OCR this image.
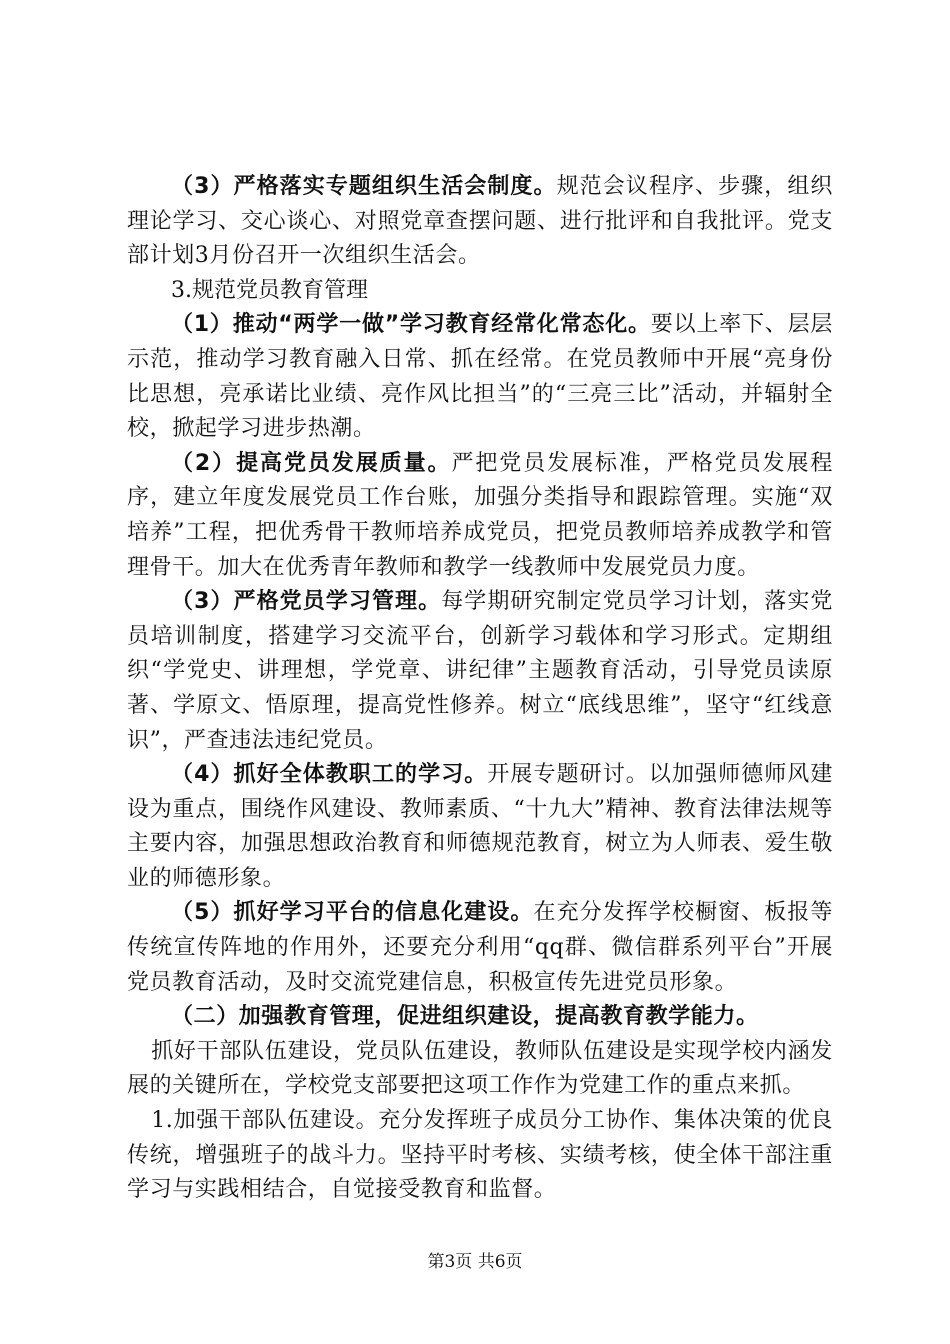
（3）严格落实专题组织生活会制度。规范会议程序、步骤，组织理论学习、交心谈心、对照党章查摆问题、进行批评和自我批评。党支部计划3月份召开一次组织生活会。

3.规范党员教育管理

（1）推动“两学一做”学习教育经常化常态化。要以上率下、层层示范，推动学习教育融入日常、抓在经常。在党员教师中开展“亮身份比思想，亮承诺比业绩、亮作风比担当”的“三亮三比”活动，并辐射全校，掀起学习进步热潮。

（2）提高党员发展质量。严把党员发展标准，严格党员发展程序，建立年度发展党员工作台账，加强分类指导和跟踪管理。实施“双培养”工程，把优秀骨干教师培养成党员，把党员教师培养成教学和管理骨干。加大在优秀青年教师和教学一线教师中发展党员力度。

（3）严格党员学习管理。每学期研究制定党员学习计划，落实党员培训制度，搭建学习交流平台，创新学习载体和学习形式。定期组织“学党史、讲理想，学党章、讲纪律”主题教育活动，引导党员读原著、学原文、悟原理，提高党性修养。树立“底线思维”，坚守“红线意识”，严查违法违纪党员。

（4）抓好全体教职工的学习。开展专题研讨。以加强师德师风建设为重点，围绕作风建设、教师素质、“十九大”精神、教育法律法规等主要内容，加强思想政治教育和师德规范教育，树立为人师表、爱生敬业的师德形象。

（5）抓好学习平台的信息化建设。在充分发挥学校橱窗、板报等传统宣传阵地的作用外，还要充分利用“qq群、微信群系列平台”开展党员教育活动，及时交流党建信息，积极宣传先进党员形象。

（二）加强教育管理，促进组织建设，提高教育教学能力。

抓好干部队伍建设，党员队伍建设，教师队伍建设是实现学校内涵发展的关键所在，学校党支部要把这项工作作为党建工作的重点来抓。

1.加强干部队伍建设。充分发挥班子成员分工协作、集体决策的优良传统，增强班子的战斗力。坚持平时考核、实绩考核，使全体干部注重学习与实践相结合，自觉接受教育和监督。

第3页 共6页
